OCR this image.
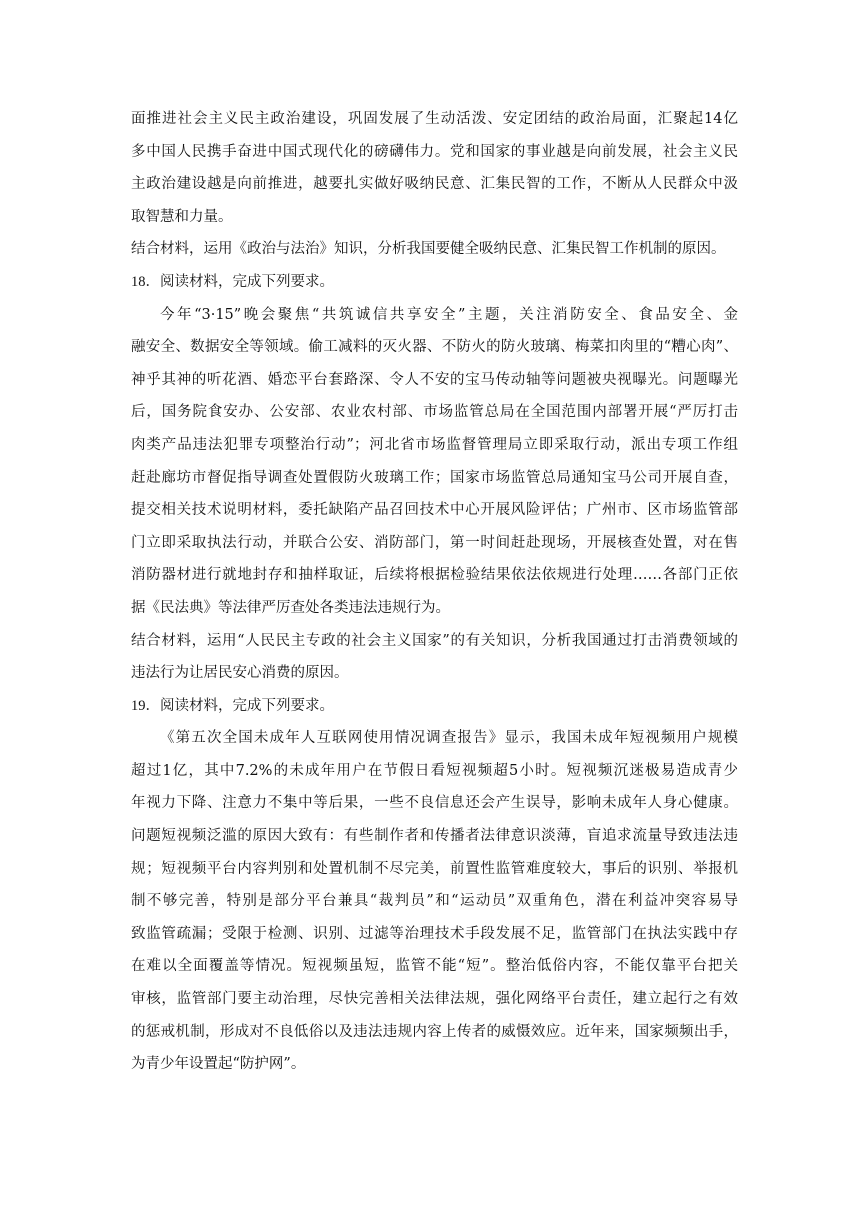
面推进社会主义民主政治建设，巩固发展了生动活泼、安定团结的政治局面，汇聚起14亿
多中国人民携手奋进中国式现代化的磅礴伟力。党和国家的事业越是向前发展，社会主义民
主政治建设越是向前推进，越要扎实做好吸纳民意、汇集民智的工作，不断从人民群众中汲
取智慧和力量。
结合材料，运用《政治与法治》知识，分析我国要健全吸纳民意、汇集民智工作机制的原因。
18．阅读材料，完成下列要求。
今年“3·15”晚会聚焦“共筑诚信共享安全”主题，关注消防安全、食品安全、金
融安全、数据安全等领域。偷工减料的灭火器、不防火的防火玻璃、梅菜扣肉里的“糟心肉”、
神乎其神的听花酒、婚恋平台套路深、令人不安的宝马传动轴等问题被央视曝光。问题曝光
后，国务院食安办、公安部、农业农村部、市场监管总局在全国范围内部署开展“严厉打击
肉类产品违法犯罪专项整治行动”；河北省市场监督管理局立即采取行动，派出专项工作组
赶赴廊坊市督促指导调查处置假防火玻璃工作；国家市场监管总局通知宝马公司开展自查，
提交相关技术说明材料，委托缺陷产品召回技术中心开展风险评估；广州市、区市场监管部
门立即采取执法行动，并联合公安、消防部门，第一时间赶赴现场，开展核查处置，对在售
消防器材进行就地封存和抽样取证，后续将根据检验结果依法依规进行处理……各部门正依
据《民法典》等法律严厉查处各类违法违规行为。
结合材料，运用“人民民主专政的社会主义国家”的有关知识，分析我国通过打击消费领域的
违法行为让居民安心消费的原因。
19．阅读材料，完成下列要求。
《第五次全国未成年人互联网使用情况调查报告》显示，我国未成年短视频用户规模
超过1亿，其中7.2%的未成年用户在节假日看短视频超5小时。短视频沉迷极易造成青少
年视力下降、注意力不集中等后果，一些不良信息还会产生误导，影响未成年人身心健康。
问题短视频泛滥的原因大致有：有些制作者和传播者法律意识淡薄，盲追求流量导致违法违
规；短视频平台内容判别和处置机制不尽完美，前置性监管难度较大，事后的识别、举报机
制不够完善，特别是部分平台兼具“裁判员”和“运动员”双重角色，潜在利益冲突容易导
致监管疏漏；受限于检测、识别、过滤等治理技术手段发展不足，监管部门在执法实践中存
在难以全面覆盖等情况。短视频虽短，监管不能“短”。整治低俗内容，不能仅靠平台把关
审核，监管部门要主动治理，尽快完善相关法律法规，强化网络平台责任，建立起行之有效
的惩戒机制，形成对不良低俗以及违法违规内容上传者的威慑效应。近年来，国家频频出手，
为青少年设置起“防护网”。
